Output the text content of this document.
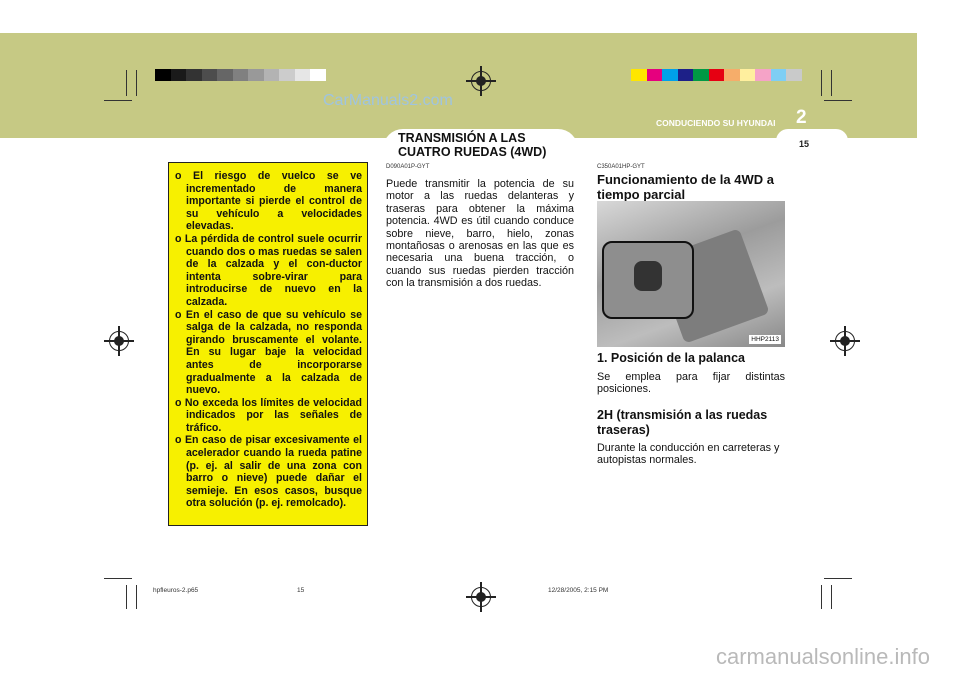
CarManuals2.com
CONDUCIENDO SU HYUNDAI 2
15
TRANSMISIÓN A LAS
CUATRO RUEDAS (4WD)

o El riesgo de vuelco se ve incrementado de manera importante si pierde el control de su vehículo a velocidades elevadas.

o La pérdida de control suele ocurrir cuando dos o mas ruedas se salen de la calzada y el con-ductor intenta sobre-virar para introducirse de nuevo en la calzada.

o En el caso de que su vehículo se salga de la calzada, no responda girando bruscamente el volante. En su lugar baje la velocidad antes de incorporarse gradualmente a la calzada de nuevo.

o No exceda los límites de velocidad indicados por las señales de tráfico.

o En caso de pisar excesivamente el acelerador cuando la rueda patine (p. ej. al salir de una zona con barro o nieve) puede dañar el semieje. En esos casos, busque otra solución (p. ej. remolcado).

D090A01P-GYT
Puede transmitir la potencia de su motor a las ruedas delanteras y traseras para obtener la máxima potencia. 4WD es útil cuando conduce sobre nieve, barro, hielo, zonas montañosas o arenosas en las que es necesaria una buena tracción, o cuando sus ruedas pierden tracción con la transmisión a dos ruedas.
C350A01HP-GYT
Funcionamiento de la 4WD a tiempo parcial
HHP2113
1. Posición de la palanca
Se emplea para fijar distintas posiciones.
2H (transmisión a las ruedas traseras)
Durante la conducción en carreteras y autopistas normales.
hpfleuros-2.p65	15	12/28/2005, 2:15 PM
carmanualsonline.info
